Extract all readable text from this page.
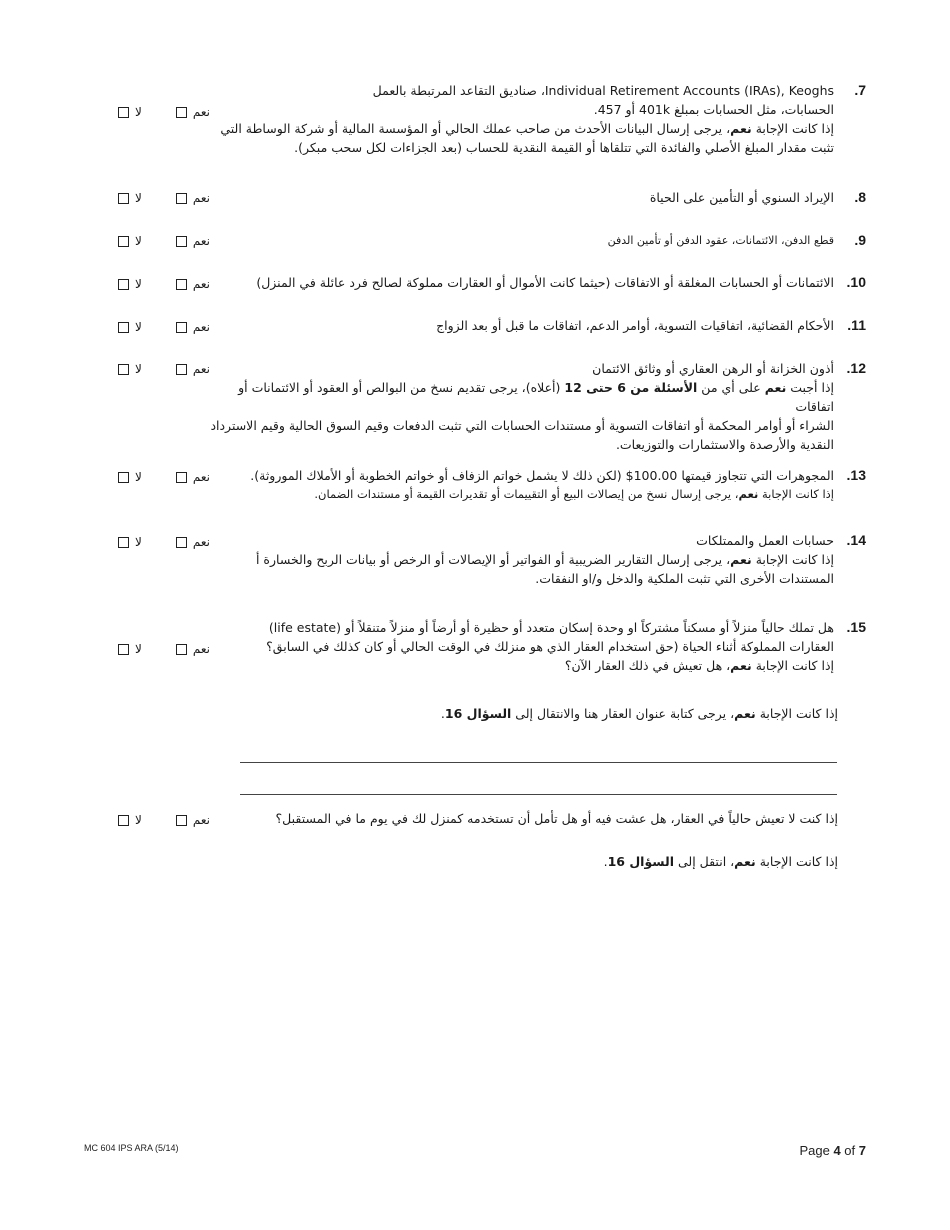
.7
Individual Retirement Accounts (IRAs), Keoghs، صناديق التقاعد المرتبطة بالعمل
الحسابات، مثل الحسابات بمبلغ 401k أو 457.
إذا كانت الإجابة نعم، يرجى إرسال البيانات الأحدث من صاحب عملك الحالي أو المؤسسة المالية أو شركة الوساطة التي
تثبت مقدار المبلغ الأصلي والفائدة التي تتلقاها أو القيمة النقدية للحساب (بعد الجزاءات لكل سحب مبكر).
نعم
لا
.8
الإيراد السنوي أو التأمين على الحياة
نعم
لا
.9
قطع الدفن، الائتمانات، عقود الدفن أو تأمين الدفن
نعم
لا
.10
الائتمانات أو الحسابات المغلقة أو الاتفاقات (حيثما كانت الأموال أو العقارات مملوكة لصالح فرد عائلة في المنزل)
نعم
لا
.11
الأحكام القضائية، اتفاقيات التسوية، أوامر الدعم، اتفاقات ما قبل أو بعد الزواج
نعم
لا
.12
أذون الخزانة أو الرهن العقاري أو وثائق الائتمان
إذا أجبت نعم على أي من الأسئلة من 6 حتى 12 (أعلاه)، يرجى تقديم نسخ من البوالص أو العقود أو الائتمانات أو اتفاقات
الشراء أو أوامر المحكمة أو اتفاقات التسوية أو مستندات الحسابات التي تثبت الدفعات وقيم السوق الحالية وقيم الاسترداد
النقدية والأرصدة والاستثمارات والتوزيعات.
نعم
لا
.13
المجوهرات التي تتجاوز قيمتها 100.00$ (لكن ذلك لا يشمل خواتم الزفاف أو خواتم الخطوبة أو الأملاك الموروثة).
إذا كانت الإجابة نعم، يرجى إرسال نسخ من إيصالات البيع أو التقييمات أو تقديرات القيمة أو مستندات الضمان.
نعم
لا
.14
حسابات العمل والممتلكات
إذا كانت الإجابة نعم، يرجى إرسال التقارير الضريبية أو الفواتير أو الإيصالات أو الرخص أو بيانات الربح والخسارة أ
المستندات الأخرى التي تثبت الملكية والدخل و/او النفقات.
نعم
لا
.15
هل تملك حالياً منزلاً أو مسكناً مشتركاً او وحدة إسكان متعدد أو حظيرة أو أرضاً أو منزلاً متنقلاً أو (life estate)
العقارات المملوكة أثناء الحياة (حق استخدام العقار الذي هو منزلك في الوقت الحالي أو كان كذلك في السابق؟
إذا كانت الإجابة نعم، هل تعيش في ذلك العقار الآن؟
نعم
لا
إذا كانت الإجابة نعم، يرجى كتابة عنوان العقار هنا والانتقال إلى السؤال 16.
إذا كنت لا تعيش حالياً في العقار، هل عشت فيه أو هل تأمل أن تستخدمه كمنزل لك في يوم ما في المستقبل؟
نعم
لا
إذا كانت الإجابة نعم، انتقل إلى السؤال 16.
MC 604 IPS ARA (5/14)	Page 4 of 7
